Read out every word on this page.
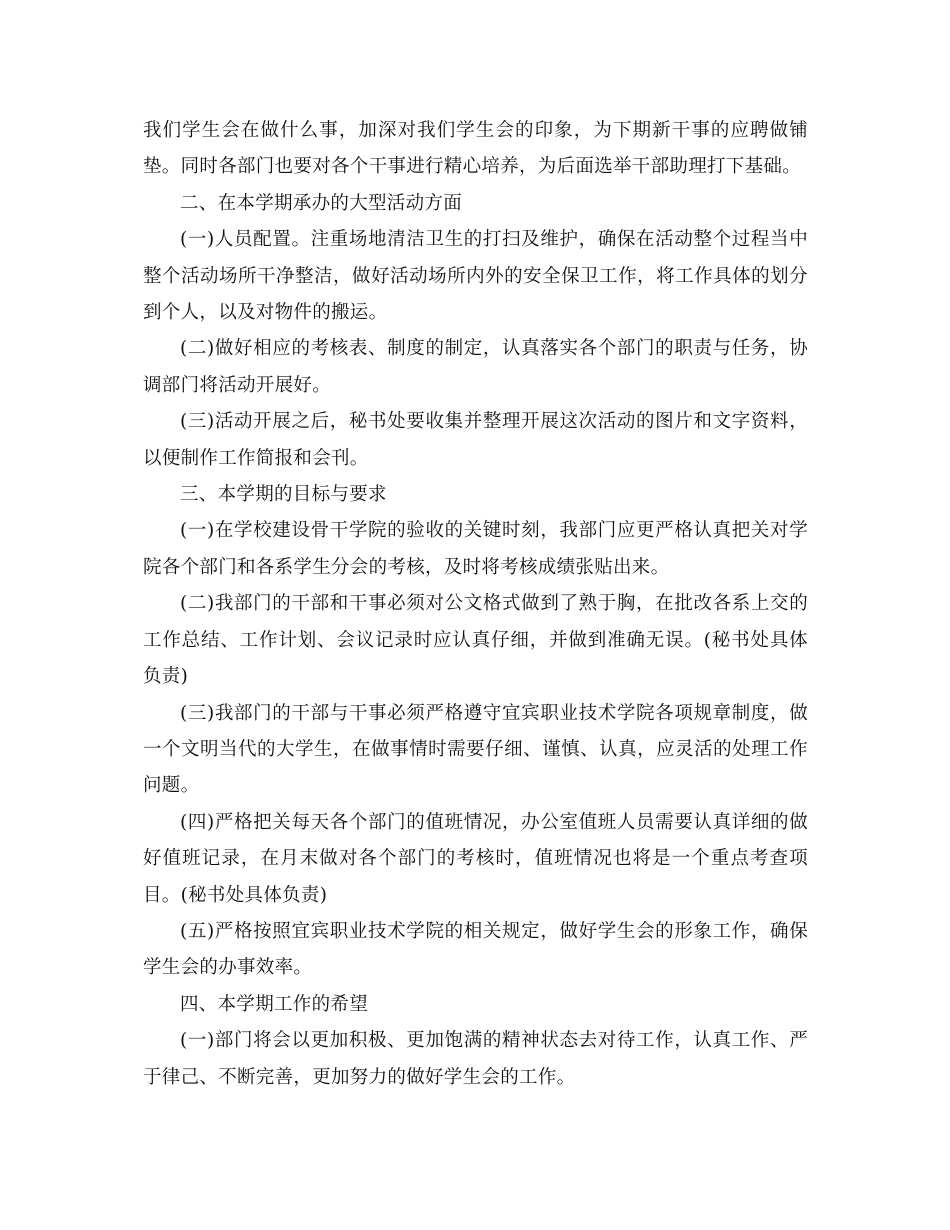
我们学生会在做什么事，加深对我们学生会的印象，为下期新干事的应聘做铺垫。同时各部门也要对各个干事进行精心培养，为后面选举干部助理打下基础。

二、在本学期承办的大型活动方面

(一)人员配置。注重场地清洁卫生的打扫及维护，确保在活动整个过程当中整个活动场所干净整洁，做好活动场所内外的安全保卫工作，将工作具体的划分到个人，以及对物件的搬运。

(二)做好相应的考核表、制度的制定，认真落实各个部门的职责与任务，协调部门将活动开展好。

(三)活动开展之后，秘书处要收集并整理开展这次活动的图片和文字资料，以便制作工作简报和会刊。

三、本学期的目标与要求

(一)在学校建设骨干学院的验收的关键时刻，我部门应更严格认真把关对学院各个部门和各系学生分会的考核，及时将考核成绩张贴出来。

(二)我部门的干部和干事必须对公文格式做到了熟于胸，在批改各系上交的工作总结、工作计划、会议记录时应认真仔细，并做到准确无误。(秘书处具体负责)

(三)我部门的干部与干事必须严格遵守宜宾职业技术学院各项规章制度，做一个文明当代的大学生，在做事情时需要仔细、谨慎、认真，应灵活的处理工作问题。

(四)严格把关每天各个部门的值班情况，办公室值班人员需要认真详细的做好值班记录，在月末做对各个部门的考核时，值班情况也将是一个重点考查项目。(秘书处具体负责)

(五)严格按照宜宾职业技术学院的相关规定，做好学生会的形象工作，确保学生会的办事效率。

四、本学期工作的希望

(一)部门将会以更加积极、更加饱满的精神状态去对待工作，认真工作、严于律己、不断完善，更加努力的做好学生会的工作。
